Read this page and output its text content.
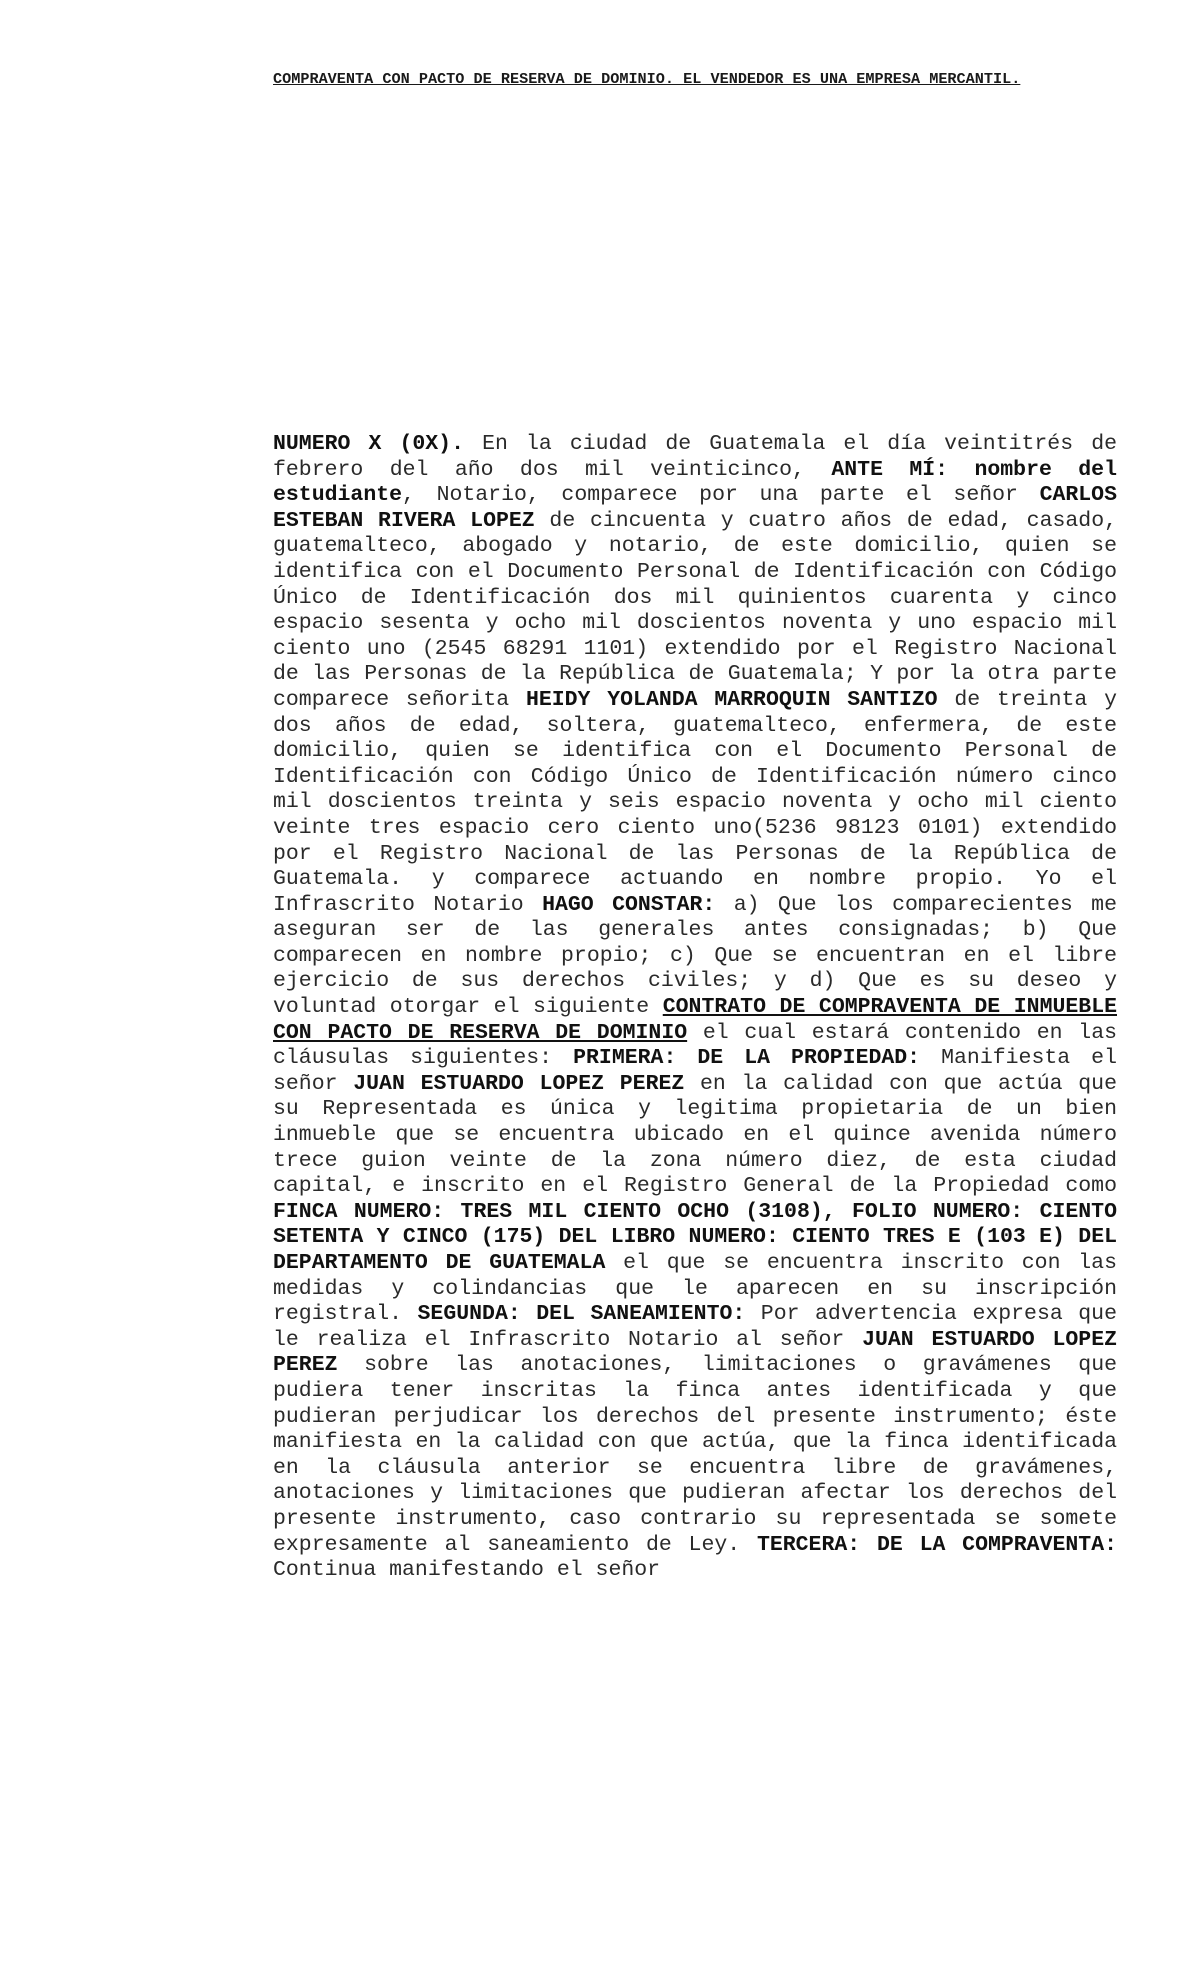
COMPRAVENTA CON PACTO DE RESERVA DE DOMINIO. EL VENDEDOR ES UNA EMPRESA MERCANTIL.
NUMERO X (0X). En la ciudad de Guatemala el día veintitrés de febrero del año dos mil veinticinco, ANTE MÍ: nombre del estudiante, Notario, comparece por una parte el señor CARLOS ESTEBAN RIVERA LOPEZ de cincuenta y cuatro años de edad, casado, guatemalteco, abogado y notario, de este domicilio, quien se identifica con el Documento Personal de Identificación con Código Único de Identificación dos mil quinientos cuarenta y cinco espacio sesenta y ocho mil doscientos noventa y uno espacio mil ciento uno (2545 68291 1101) extendido por el Registro Nacional de las Personas de la República de Guatemala; Y por la otra parte comparece señorita HEIDY YOLANDA MARROQUIN SANTIZO de treinta y dos años de edad, soltera, guatemalteco, enfermera, de este domicilio, quien se identifica con el Documento Personal de Identificación con Código Único de Identificación número cinco mil doscientos treinta y seis espacio noventa y ocho mil ciento veinte tres espacio cero ciento uno(5236 98123 0101) extendido por el Registro Nacional de las Personas de la República de Guatemala. y comparece actuando en nombre propio. Yo el Infrascrito Notario HAGO CONSTAR: a) Que los comparecientes me aseguran ser de las generales antes consignadas; b) Que comparecen en nombre propio; c) Que se encuentran en el libre ejercicio de sus derechos civiles; y d) Que es su deseo y voluntad otorgar el siguiente CONTRATO DE COMPRAVENTA DE INMUEBLE CON PACTO DE RESERVA DE DOMINIO el cual estará contenido en las cláusulas siguientes: PRIMERA: DE LA PROPIEDAD: Manifiesta el señor JUAN ESTUARDO LOPEZ PEREZ en la calidad con que actúa que su Representada es única y legitima propietaria de un bien inmueble que se encuentra ubicado en el quince avenida número trece guion veinte de la zona número diez, de esta ciudad capital, e inscrito en el Registro General de la Propiedad como FINCA NUMERO: TRES MIL CIENTO OCHO (3108), FOLIO NUMERO: CIENTO SETENTA Y CINCO (175) DEL LIBRO NUMERO: CIENTO TRES E (103 E) DEL DEPARTAMENTO DE GUATEMALA el que se encuentra inscrito con las medidas y colindancias que le aparecen en su inscripción registral. SEGUNDA: DEL SANEAMIENTO: Por advertencia expresa que le realiza el Infrascrito Notario al señor JUAN ESTUARDO LOPEZ PEREZ sobre las anotaciones, limitaciones o gravámenes que pudiera tener inscritas la finca antes identificada y que pudieran perjudicar los derechos del presente instrumento; éste manifiesta en la calidad con que actúa, que la finca identificada en la cláusula anterior se encuentra libre de gravámenes, anotaciones y limitaciones que pudieran afectar los derechos del presente instrumento, caso contrario su representada se somete expresamente al saneamiento de Ley. TERCERA: DE LA COMPRAVENTA: Continua manifestando el señor
